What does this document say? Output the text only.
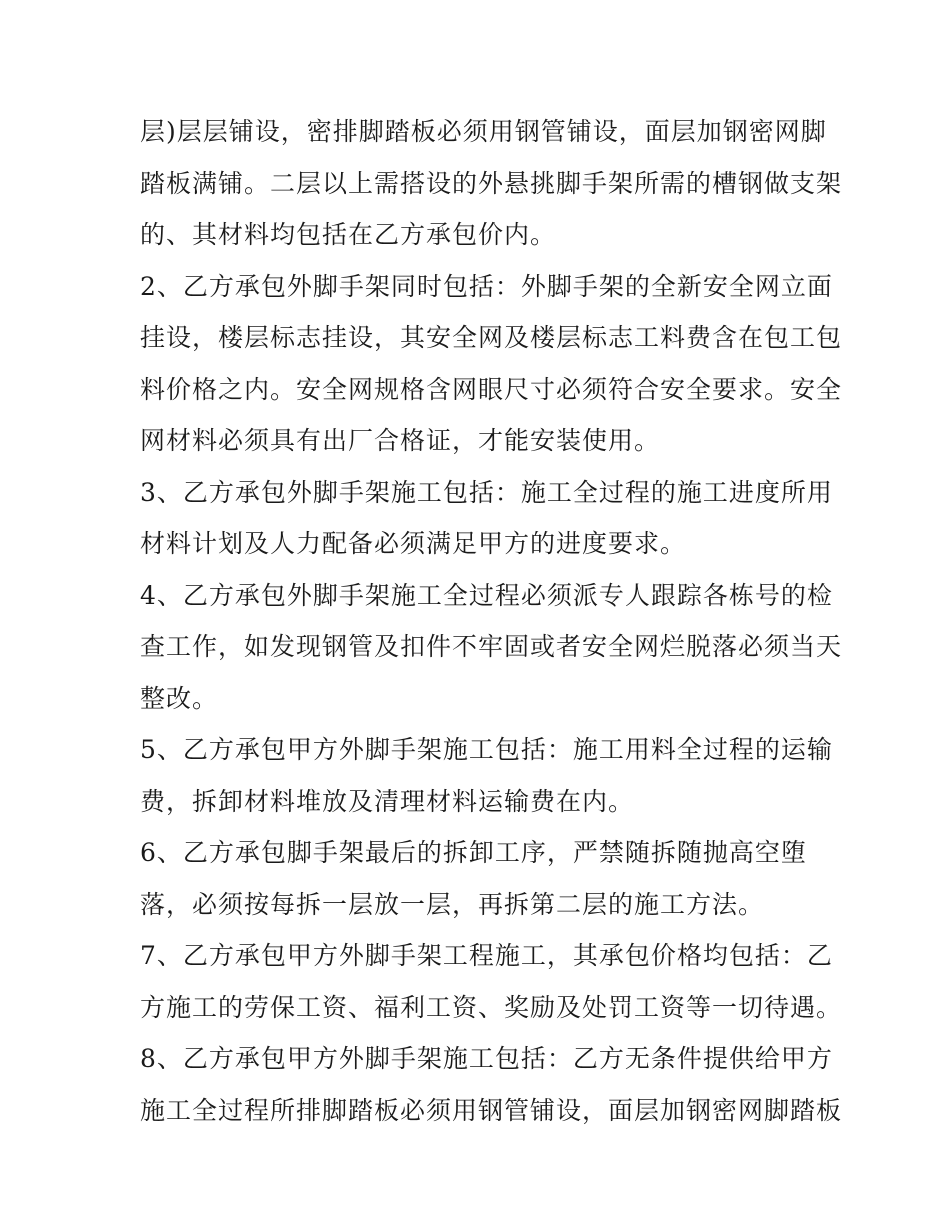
层)层层铺设，密排脚踏板必须用钢管铺设，面层加钢密网脚
踏板满铺。二层以上需搭设的外悬挑脚手架所需的槽钢做支架
的、其材料均包括在乙方承包价内。
2、乙方承包外脚手架同时包括：外脚手架的全新安全网立面
挂设，楼层标志挂设，其安全网及楼层标志工料费含在包工包
料价格之内。安全网规格含网眼尺寸必须符合安全要求。安全
网材料必须具有出厂合格证，才能安装使用。
3、乙方承包外脚手架施工包括：施工全过程的施工进度所用
材料计划及人力配备必须满足甲方的进度要求。
4、乙方承包外脚手架施工全过程必须派专人跟踪各栋号的检
查工作，如发现钢管及扣件不牢固或者安全网烂脱落必须当天
整改。
5、乙方承包甲方外脚手架施工包括：施工用料全过程的运输
费，拆卸材料堆放及清理材料运输费在内。
6、乙方承包脚手架最后的拆卸工序，严禁随拆随抛高空堕
落，必须按每拆一层放一层，再拆第二层的施工方法。
7、乙方承包甲方外脚手架工程施工，其承包价格均包括：乙
方施工的劳保工资、福利工资、奖励及处罚工资等一切待遇。
8、乙方承包甲方外脚手架施工包括：乙方无条件提供给甲方
施工全过程所排脚踏板必须用钢管铺设，面层加钢密网脚踏板
